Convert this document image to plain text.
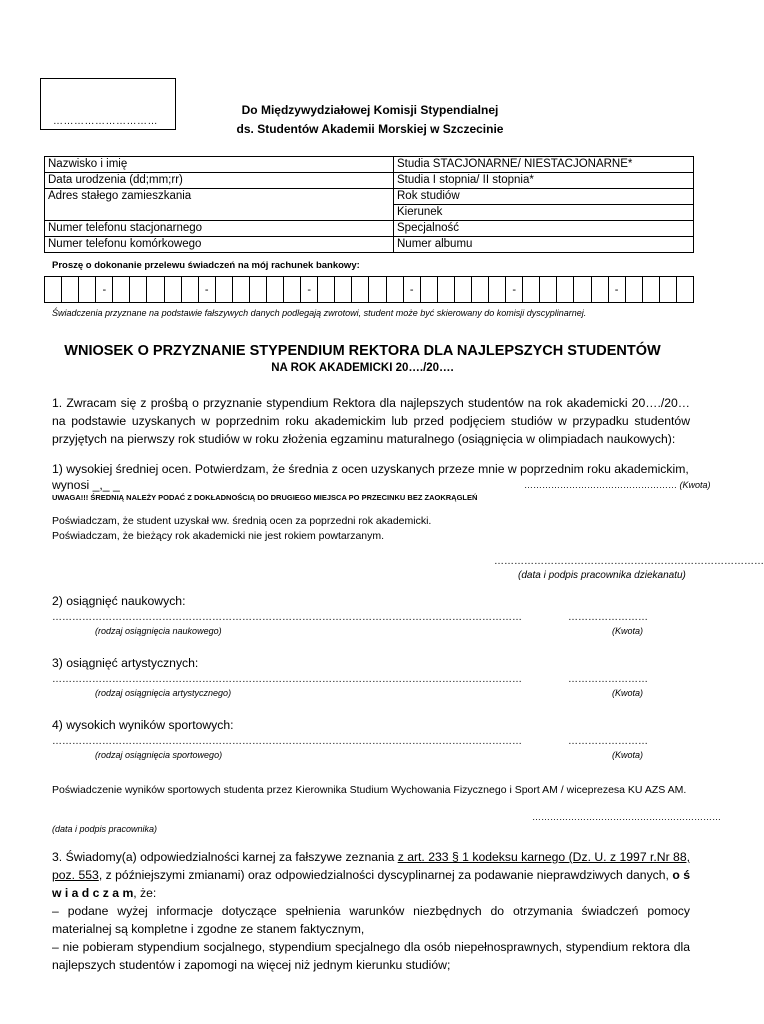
…………………………
Do Międzywydziałowej Komisji Stypendialnej
ds. Studentów Akademii Morskiej w Szczecinie
Nazwisko i imię	Studia STACJONARNE/ NIESTACJONARNE*
Data urodzenia (dd;mm;rr)	Studia I stopnia/ II stopnia*
Adres stałego zamieszkania	Rok studiów
	Kierunek
Numer telefonu stacjonarnego	Specjalność
Numer telefonu komórkowego	Numer albumu
Proszę o dokonanie przelewu świadczeń na mój rachunek bankowy:
-	-	-	-	-	-
Świadczenia przyznane na podstawie fałszywych danych podlegają zwrotowi, student może być skierowany do komisji dyscyplinarnej.
WNIOSEK O PRZYZNANIE STYPENDIUM REKTORA DLA NAJLEPSZYCH STUDENTÓW
NA ROK AKADEMICKI 20…./20….
1. Zwracam się z prośbą o przyznanie stypendium Rektora dla najlepszych studentów na rok akademicki 20…./20… na podstawie uzyskanych w poprzednim roku akademickim lub przed podjęciem studiów w przypadku studentów przyjętych na pierwszy rok studiów w roku złożenia egzaminu maturalnego (osiągnięcia w olimpiadach naukowych):
1) wysokiej średniej ocen. Potwierdzam, że średnia z ocen uzyskanych przeze mnie w poprzednim roku akademickim,
wynosi _,_ _	…………………………………………… (Kwota)
UWAGA!!! ŚREDNIĄ NALEŻY PODAĆ Z DOKŁADNOŚCIĄ DO DRUGIEGO MIEJSCA PO PRZECINKU BEZ ZAOKRĄGLEŃ
Poświadczam, że student uzyskał ww. średnią ocen za poprzedni rok akademicki.
Poświadczam, że bieżący rok akademicki nie jest rokiem powtarzanym.
………………………………………………………………………
(data i podpis pracownika dziekanatu)
2) osiągnięć naukowych:
……………………………………………………………………………………………………………………………	……………………
(rodzaj osiągnięcia naukowego)	(Kwota)
3) osiągnięć artystycznych:
……………………………………………………………………………………………………………………………	……………………
(rodzaj osiągnięcia artystycznego)	(Kwota)
4) wysokich wyników sportowych:
……………………………………………………………………………………………………………………………	……………………
(rodzaj osiągnięcia sportowego)	(Kwota)
Poświadczenie wyników sportowych studenta przez Kierownika Studium Wychowania Fizycznego i Sport AM / wiceprezesa KU AZS AM.
………………………………………………………
(data i podpis pracownika)
3. Świadomy(a) odpowiedzialności karnej za fałszywe zeznania z art. 233 § 1 kodeksu karnego (Dz. U. z 1997 r.Nr 88, poz. 553, z późniejszymi zmianami) oraz odpowiedzialności dyscyplinarnej za podawanie nieprawdziwych danych, o ś w i a d c z a m, że:
– podane wyżej informacje dotyczące spełnienia warunków niezbędnych do otrzymania świadczeń pomocy materialnej są kompletne i zgodne ze stanem faktycznym,
– nie pobieram stypendium socjalnego, stypendium specjalnego dla osób niepełnosprawnych, stypendium rektora dla najlepszych studentów i zapomogi na więcej niż jednym kierunku studiów;
